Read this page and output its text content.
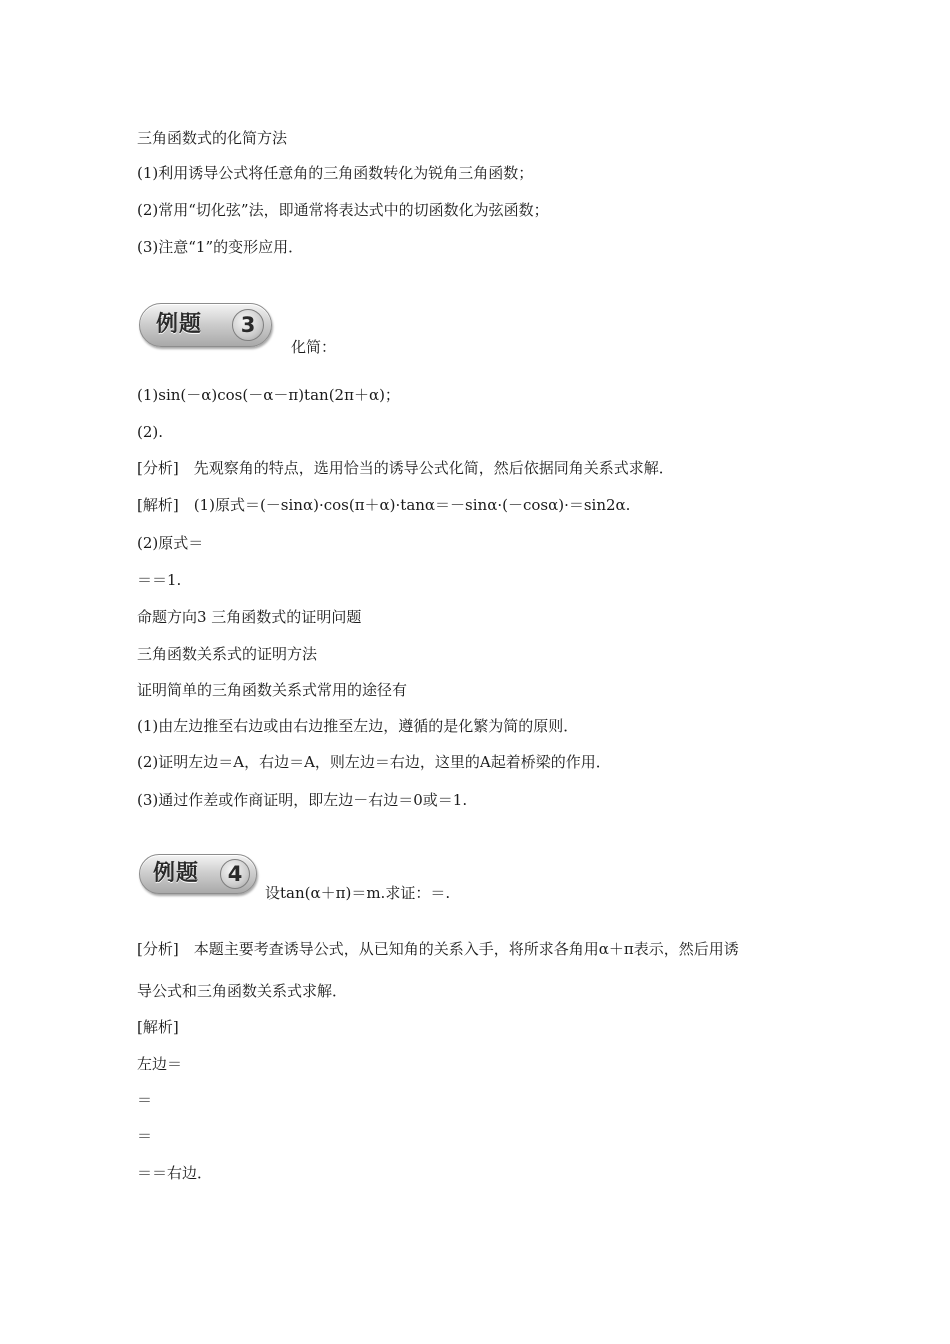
三角函数式的化简方法
(1)利用诱导公式将任意角的三角函数转化为锐角三角函数；
(2)常用“切化弦”法，即通常将表达式中的切函数化为弦函数；
(3)注意“1”的变形应用．
例题	3
化简：
(1)sin(－α)cos(－α－π)tan(2π＋α)；
(2).
[分析]　先观察角的特点，选用恰当的诱导公式化简，然后依据同角关系式求解．
[解析]　(1)原式＝(－sinα)·cos(π＋α)·tanα＝－sinα·(－cosα)·＝sin2α.
(2)原式＝
＝＝1.
命题方向3 三角函数式的证明问题
三角函数关系式的证明方法
证明简单的三角函数关系式常用的途径有
(1)由左边推至右边或由右边推至左边，遵循的是化繁为简的原则．
(2)证明左边＝A，右边＝A，则左边＝右边，这里的A起着桥梁的作用．
(3)通过作差或作商证明，即左边－右边＝0或＝1.
例题	4
设tan(α＋π)＝m.求证：＝.
[分析]　本题主要考查诱导公式，从已知角的关系入手，将所求各角用α＋π表示，然后用诱
导公式和三角函数关系式求解．
[解析]
左边＝
＝
＝
＝＝右边．
